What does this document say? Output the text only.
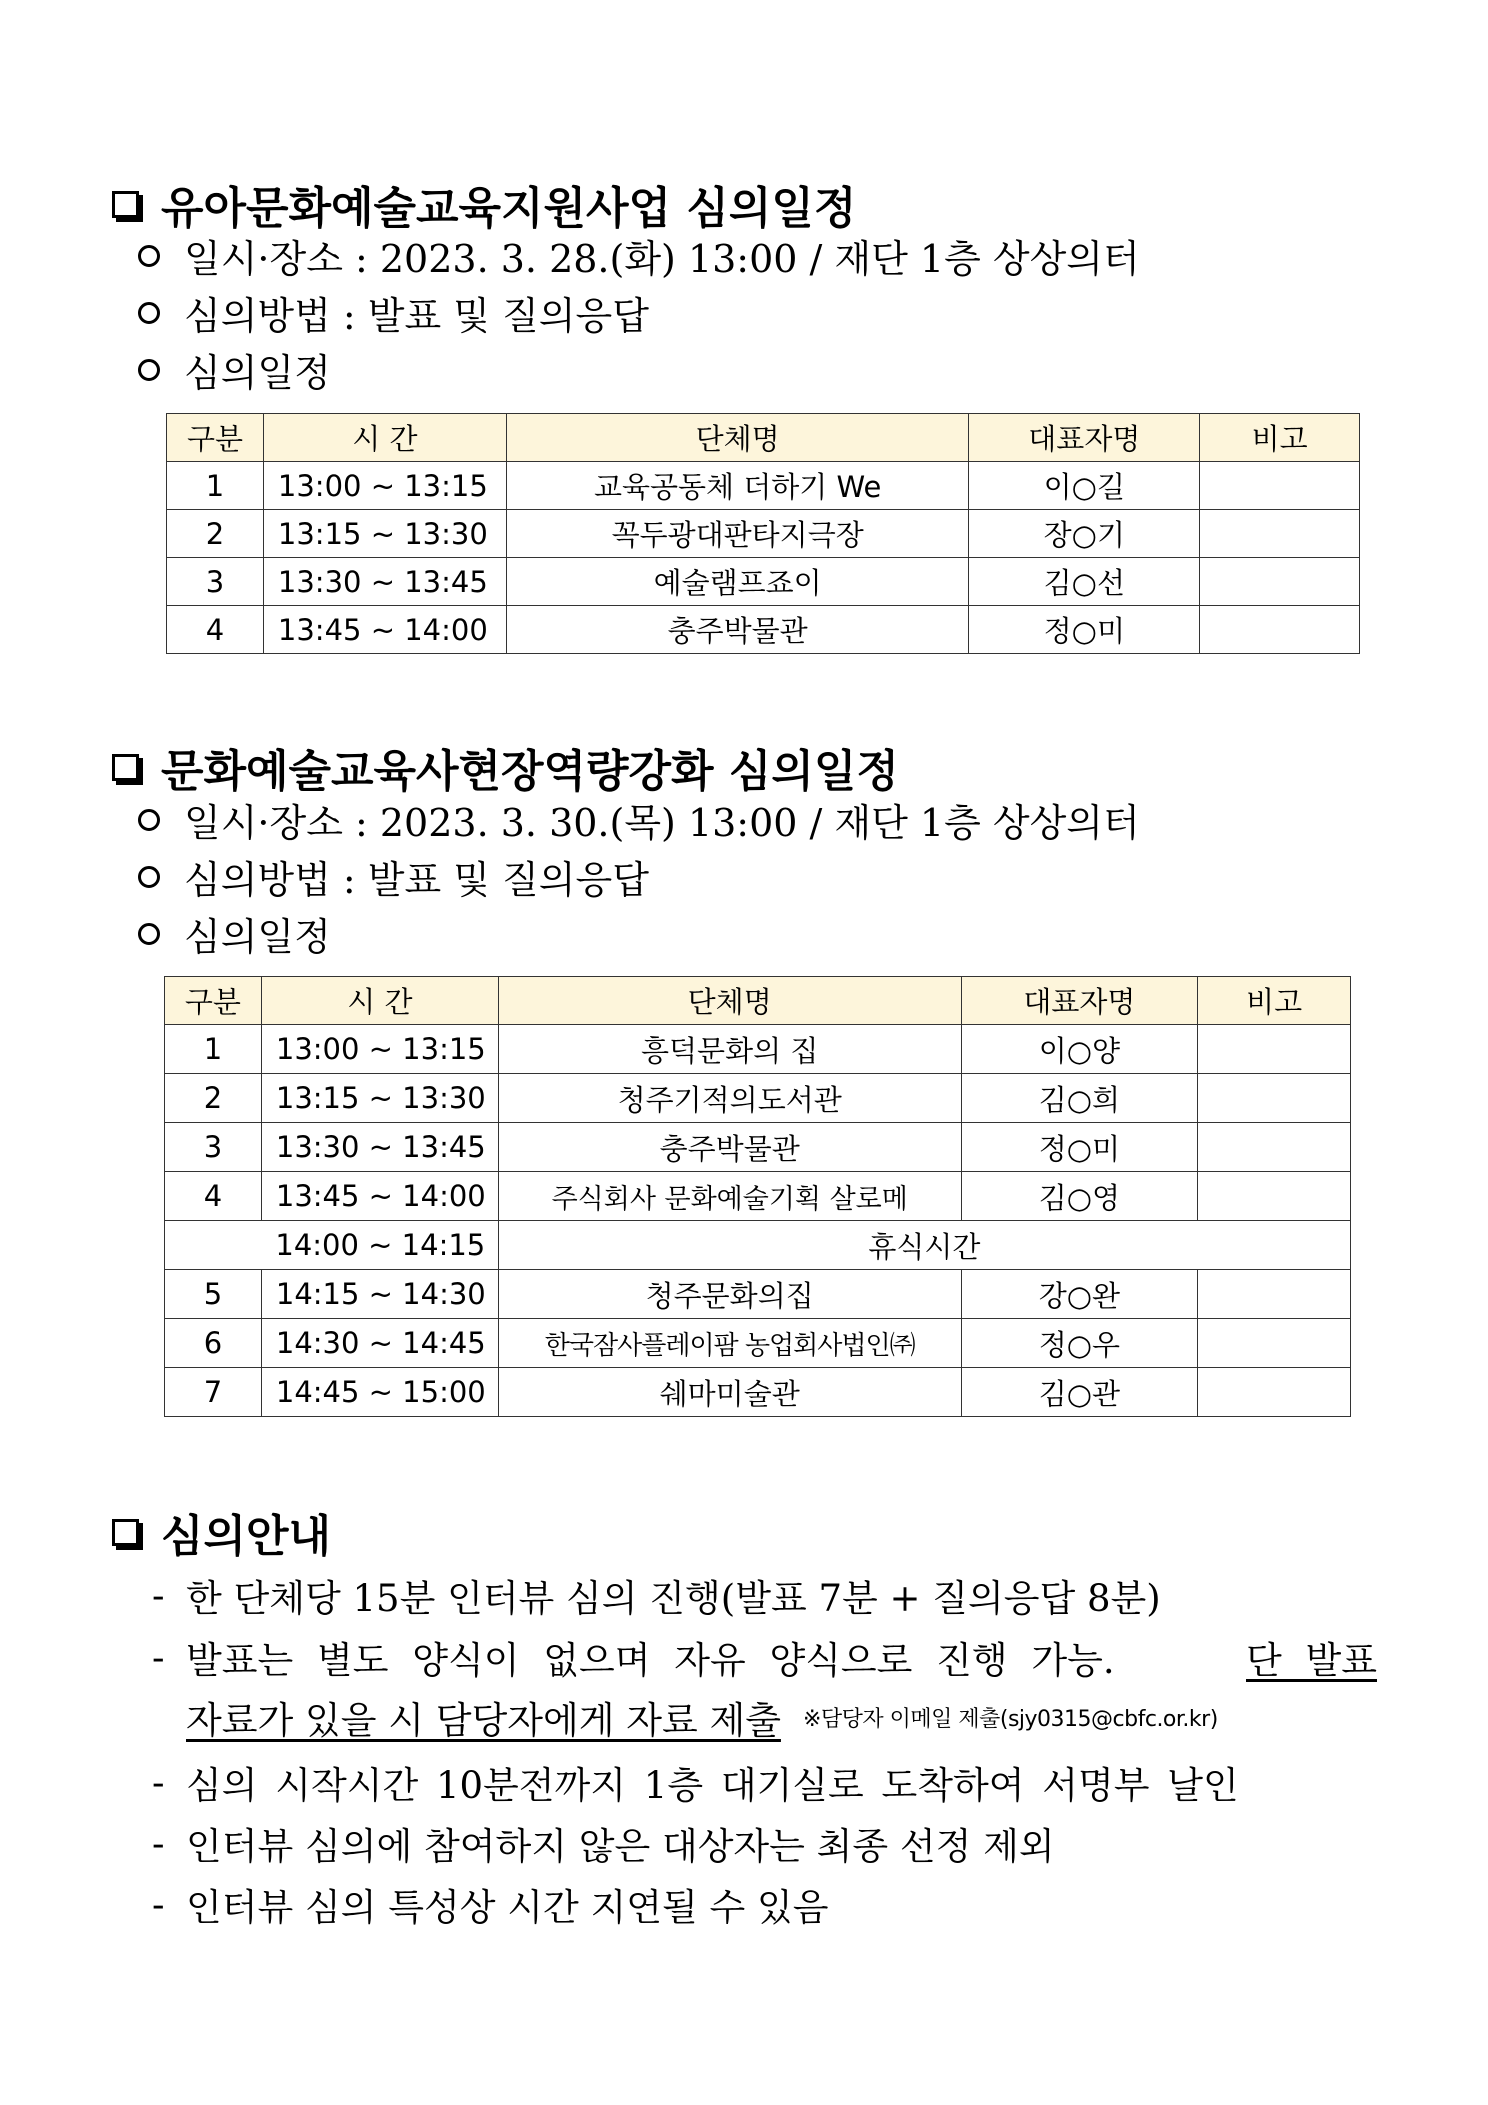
유아문화예술교육지원사업 심의일정
일시·장소 : 2023. 3. 28.(화) 13:00 / 재단 1층 상상의터
심의방법 : 발표 및 질의응답
심의일정
구분	시 간	단체명	대표자명	비고
1	13:00 ~ 13:15	교육공동체 더하기 We	이○길	
2	13:15 ~ 13:30	꼭두광대판타지극장	장○기	
3	13:30 ~ 13:45	예술램프죠이	김○선	
4	13:45 ~ 14:00	충주박물관	정○미	
문화예술교육사현장역량강화 심의일정
일시·장소 : 2023. 3. 30.(목) 13:00 / 재단 1층 상상의터
심의방법 : 발표 및 질의응답
심의일정
구분	시 간	단체명	대표자명	비고
1	13:00 ~ 13:15	흥덕문화의 집	이○양	
2	13:15 ~ 13:30	청주기적의도서관	김○희	
3	13:30 ~ 13:45	충주박물관	정○미	
4	13:45 ~ 14:00	주식회사 문화예술기획 살로메	김○영	
	14:00 ~ 14:15	휴식시간		
5	14:15 ~ 14:30	청주문화의집	강○완	
6	14:30 ~ 14:45	한국잠사플레이팜 농업회사법인㈜	정○우	
7	14:45 ~ 15:00	쉐마미술관	김○관	
심의안내
- 한 단체당 15분 인터뷰 심의 진행(발표 7분 + 질의응답 8분)
- 발표는 별도 양식이 없으며 자유 양식으로 진행 가능.	단 발표
자료가 있을 시 담당자에게 자료 제출 ※담당자 이메일 제출(sjy0315@cbfc.or.kr)
- 심의 시작시간 10분전까지 1층 대기실로 도착하여 서명부 날인
- 인터뷰 심의에 참여하지 않은 대상자는 최종 선정 제외
- 인터뷰 심의 특성상 시간 지연될 수 있음
